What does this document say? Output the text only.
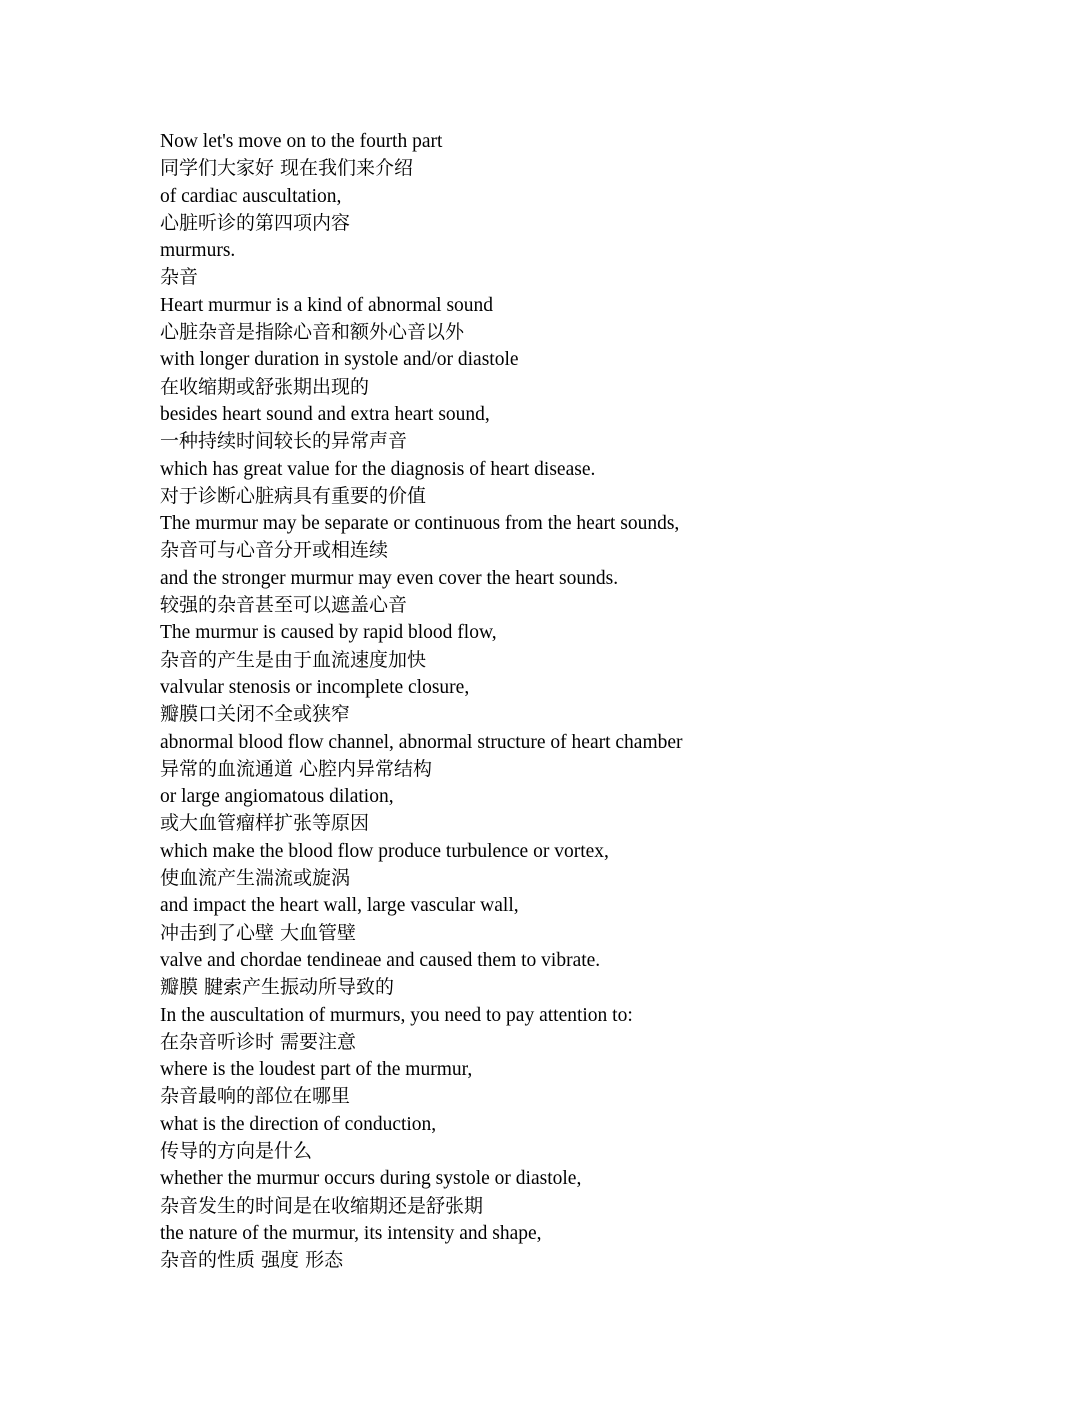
Now let's move on to the fourth part
同学们大家好 现在我们来介绍
of cardiac auscultation,
心脏听诊的第四项内容
murmurs.
杂音
Heart murmur is a kind of abnormal sound
心脏杂音是指除心音和额外心音以外
with longer duration in systole and/or diastole
在收缩期或舒张期出现的
besides heart sound and extra heart sound,
一种持续时间较长的异常声音
which has great value for the diagnosis of heart disease.
对于诊断心脏病具有重要的价值
The murmur may be separate or continuous from the heart sounds,
杂音可与心音分开或相连续
and the stronger murmur may even cover the heart sounds.
较强的杂音甚至可以遮盖心音
The murmur is caused by rapid blood flow,
杂音的产生是由于血流速度加快
valvular stenosis or incomplete closure,
瓣膜口关闭不全或狭窄
abnormal blood flow channel, abnormal structure of heart chamber
异常的血流通道 心腔内异常结构
or large angiomatous dilation,
或大血管瘤样扩张等原因
which make the blood flow produce turbulence or vortex,
使血流产生湍流或旋涡
and impact the heart wall, large vascular wall,
冲击到了心壁 大血管壁
valve and chordae tendineae and caused them to vibrate.
瓣膜 腱索产生振动所导致的
In the auscultation of murmurs, you need to pay attention to:
在杂音听诊时 需要注意
where is the loudest part of the murmur,
杂音最响的部位在哪里
what is the direction of conduction,
传导的方向是什么
whether the murmur occurs during systole or diastole,
杂音发生的时间是在收缩期还是舒张期
the nature of the murmur, its intensity and shape,
杂音的性质 强度 形态
